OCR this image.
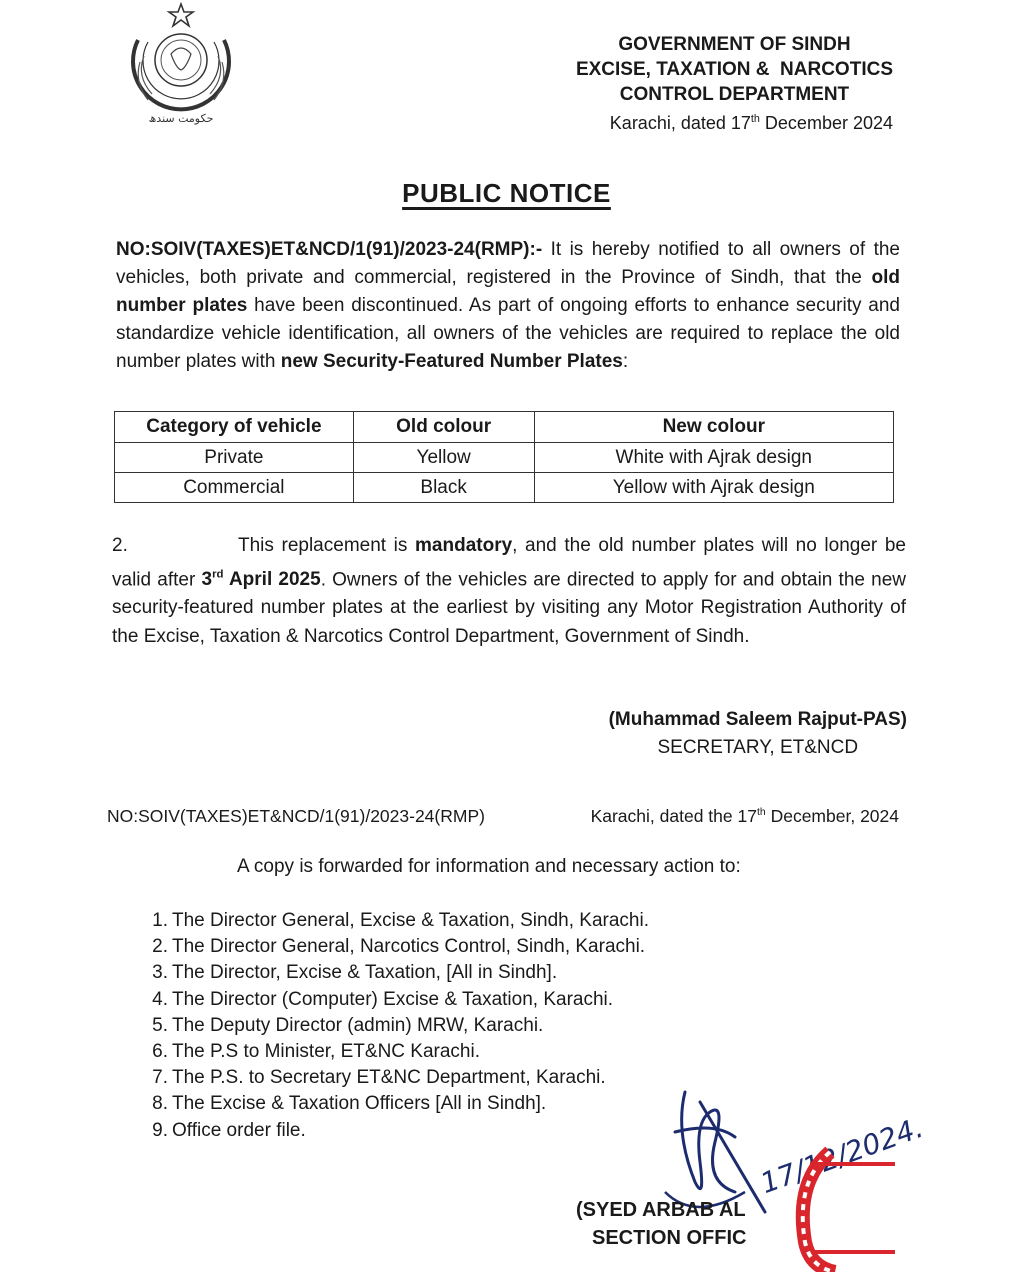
حکومت سندھ
GOVERNMENT OF SINDH
EXCISE, TAXATION &  NARCOTICS
CONTROL DEPARTMENT
Karachi, dated 17th December 2024
PUBLIC NOTICE
NO:SOIV(TAXES)ET&NCD/1(91)/2023-24(RMP):- It is hereby notified to all owners of the vehicles, both private and commercial, registered in the Province of Sindh, that the old number plates have been discontinued. As part of ongoing efforts to enhance security and standardize vehicle identification, all owners of the vehicles are required to replace the old number plates with new Security-Featured Number Plates:
Category of vehicle	Old colour	New colour
Private	Yellow	White with Ajrak design
Commercial	Black	Yellow with Ajrak design
2.	This replacement is mandatory, and the old number plates will no longer be valid after 3rd April 2025. Owners of the vehicles are directed to apply for and obtain the new security-featured number plates at the earliest by visiting any Motor Registration Authority of the Excise, Taxation & Narcotics Control Department, Government of Sindh.
(Muhammad Saleem Rajput-PAS)
SECRETARY, ET&NCD
NO:SOIV(TAXES)ET&NCD/1(91)/2023-24(RMP)	Karachi, dated the 17th December, 2024
A copy is forwarded for information and necessary action to:
1. The Director General, Excise & Taxation, Sindh, Karachi.
2. The Director General, Narcotics Control, Sindh, Karachi.
3. The Director, Excise & Taxation, [All in Sindh].
4. The Director (Computer) Excise & Taxation, Karachi.
5. The Deputy Director (admin) MRW, Karachi.
6. The P.S to Minister, ET&NC Karachi.
7. The P.S. to Secretary ET&NC Department, Karachi.
8. The Excise & Taxation Officers [All in Sindh].
9. Office order file.	17/12/2024.
(SYED ARBAB AL
SECTION OFFIC
